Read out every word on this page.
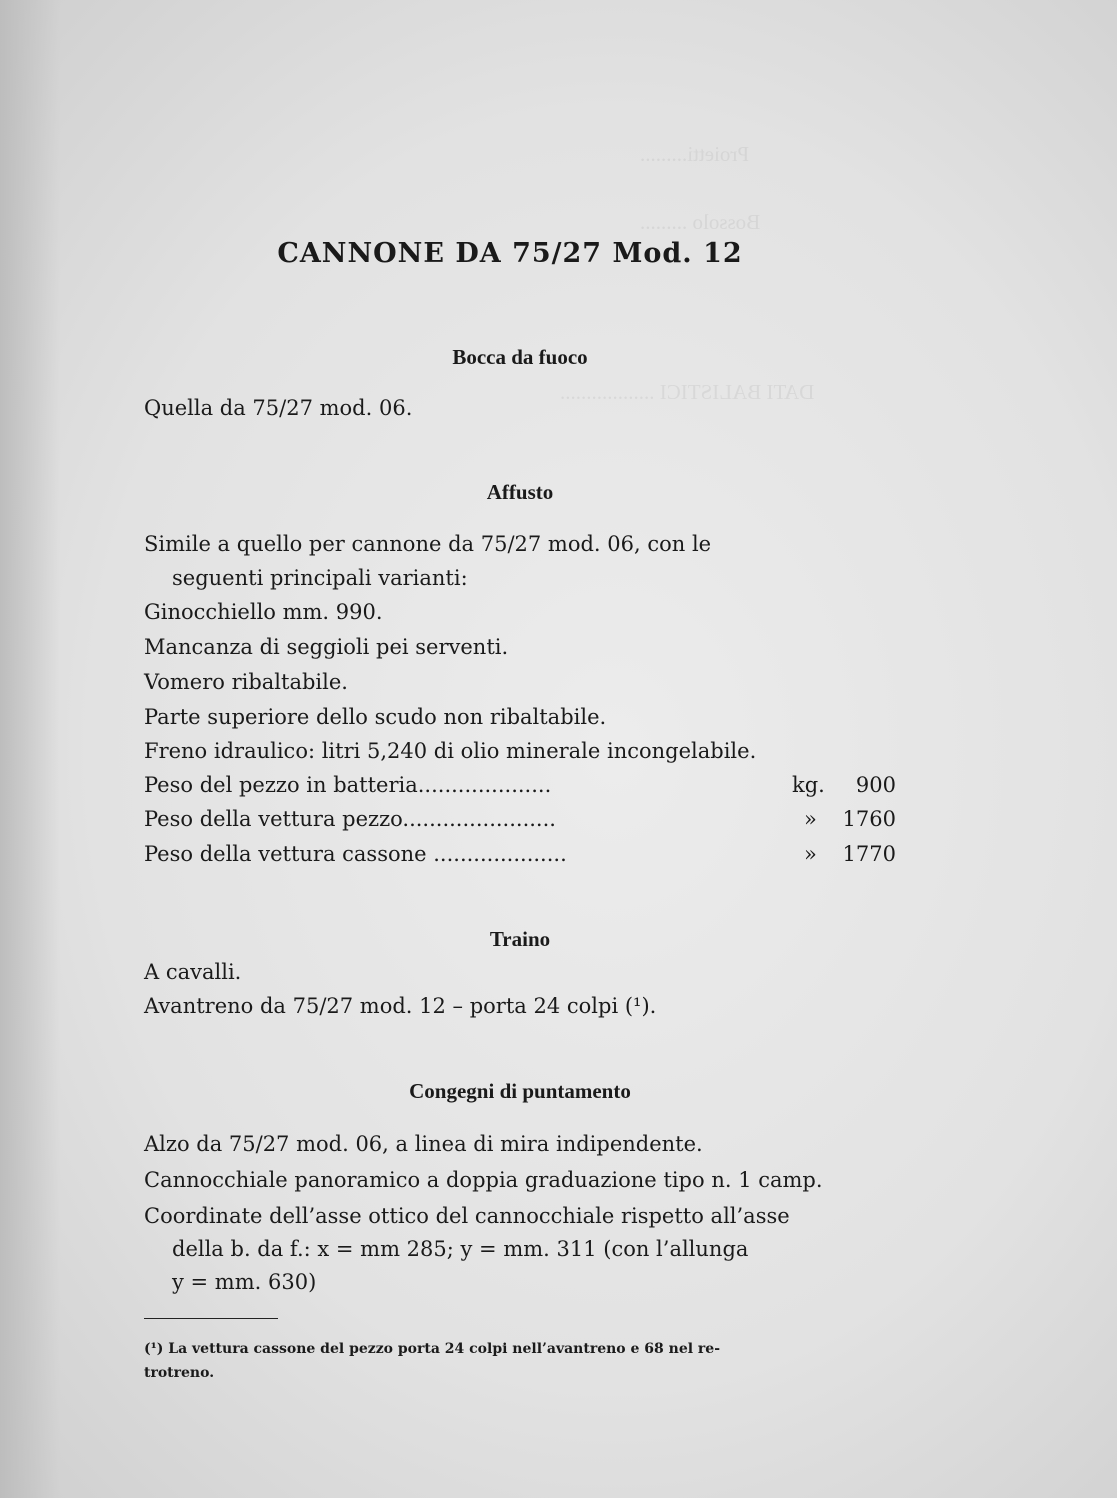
Proietti.........
Bossolo .........
DATI BALISTICI ..................
CANNONE DA 75/27 Mod. 12
Bocca da fuoco
Quella da 75/27 mod. 06.
Affusto
Simile a quello per cannone da 75/27 mod. 06, con le
seguenti principali varianti:
Ginocchiello mm. 990.
Mancanza di seggioli pei serventi.
Vomero ribaltabile.
Parte superiore dello scudo non ribaltabile.
Freno idraulico: litri 5,240 di olio minerale incongelabile.
Peso del pezzo in batteria....................	kg. 900
Peso della vettura pezzo.......................	» 1760
Peso della vettura cassone ....................	» 1770
Traino
A cavalli.
Avantreno da 75/27 mod. 12 – porta 24 colpi (¹).
Congegni di puntamento
Alzo da 75/27 mod. 06, a linea di mira indipendente.
Cannocchiale panoramico a doppia graduazione tipo n. 1 camp.
Coordinate dell’asse ottico del cannocchiale rispetto all’asse
della b. da f.: x = mm 285; y = mm. 311 (con l’allunga
y = mm. 630)
(¹) La vettura cassone del pezzo porta 24 colpi nell’avantreno e 68 nel re-
trotreno.
